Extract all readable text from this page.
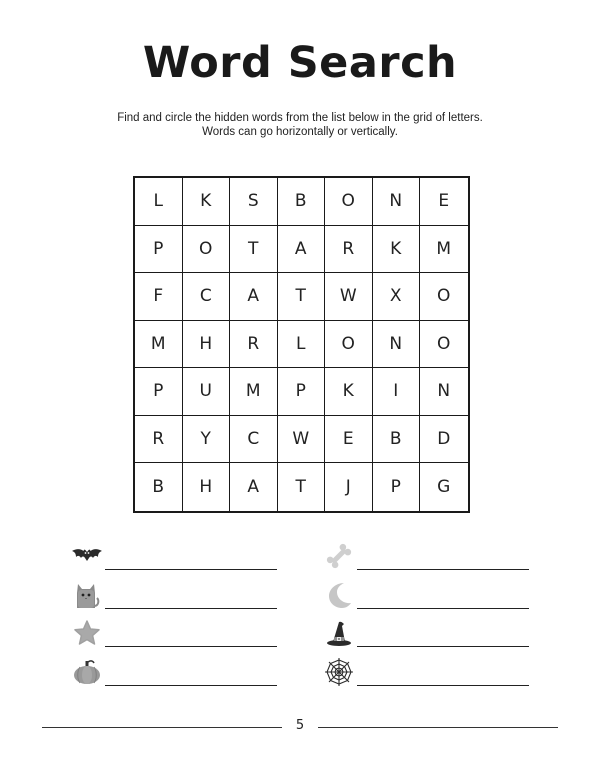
Word Search
Find and circle the hidden words from the list below in the grid of letters.
Words can go horizontally or vertically.
L	K	S	B	O	N	E
P	O	T	A	R	K	M
F	C	A	T	W	X	O
M	H	R	L	O	N	O
P	U	M	P	K	I	N
R	Y	C	W	E	B	D
B	H	A	T	J	P	G
5
